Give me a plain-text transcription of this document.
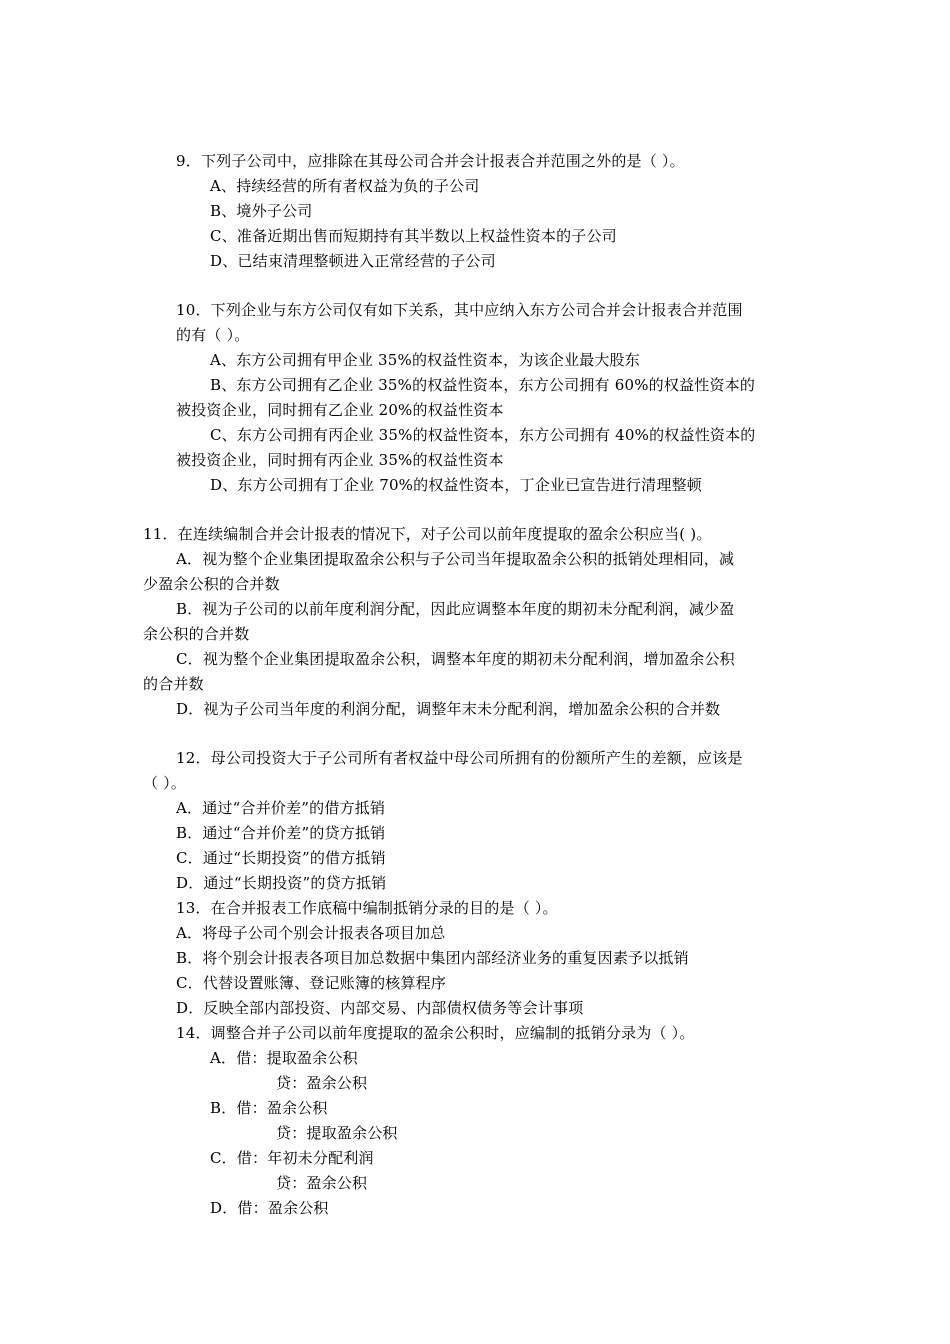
9．下列子公司中，应排除在其母公司合并会计报表合并范围之外的是（ ）。
A、持续经营的所有者权益为负的子公司
B、境外子公司
C、准备近期出售而短期持有其半数以上权益性资本的子公司
D、已结束清理整顿进入正常经营的子公司
10．下列企业与东方公司仅有如下关系，其中应纳入东方公司合并会计报表合并范围
的有（ ）。
A、东方公司拥有甲企业 35%的权益性资本，为该企业最大股东
B、东方公司拥有乙企业 35%的权益性资本，东方公司拥有 60%的权益性资本的
被投资企业，同时拥有乙企业 20%的权益性资本
C、东方公司拥有丙企业 35%的权益性资本，东方公司拥有 40%的权益性资本的
被投资企业，同时拥有丙企业 35%的权益性资本
D、东方公司拥有丁企业 70%的权益性资本，丁企业已宣告进行清理整顿
11．在连续编制合并会计报表的情况下，对子公司以前年度提取的盈余公积应当( )。
A．视为整个企业集团提取盈余公积与子公司当年提取盈余公积的抵销处理相同，减
少盈余公积的合并数
B．视为子公司的以前年度利润分配，因此应调整本年度的期初未分配利润，减少盈
余公积的合并数
C．视为整个企业集团提取盈余公积，调整本年度的期初未分配利润，增加盈余公积
的合并数
D．视为子公司当年度的利润分配，调整年末未分配利润，增加盈余公积的合并数
12．母公司投资大于子公司所有者权益中母公司所拥有的份额所产生的差额，应该是
（ ）。
A．通过“合并价差”的借方抵销
B．通过“合并价差”的贷方抵销
C．通过“长期投资”的借方抵销
D．通过“长期投资”的贷方抵销
13．在合并报表工作底稿中编制抵销分录的目的是（ ）。
A．将母子公司个别会计报表各项目加总
B．将个别会计报表各项目加总数据中集团内部经济业务的重复因素予以抵销
C．代替设置账簿、登记账簿的核算程序
D．反映全部内部投资、内部交易、内部债权债务等会计事项
14．调整合并子公司以前年度提取的盈余公积时，应编制的抵销分录为（ ）。
A．借：提取盈余公积
贷：盈余公积
B．借：盈余公积
贷：提取盈余公积
C．借：年初未分配利润
贷：盈余公积
D．借：盈余公积
